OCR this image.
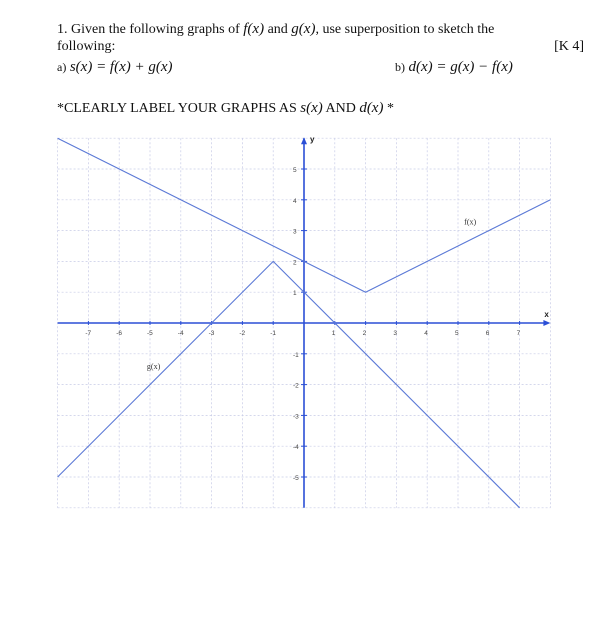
1. Given the following graphs of f(x) and g(x), use superposition to sketch the
following:	[K 4]
a) s(x) = f(x) + g(x)	b) d(x) = g(x) − f(x)
*CLEARLY LABEL YOUR GRAPHS AS s(x) AND d(x) *
x
y
-7	-6	-5	-4	-3	-2	-1	1	2	3	4	5	6	7
-5
-4
-3
-2
-1
1
2
3
4
5
f(x)
g(x)
